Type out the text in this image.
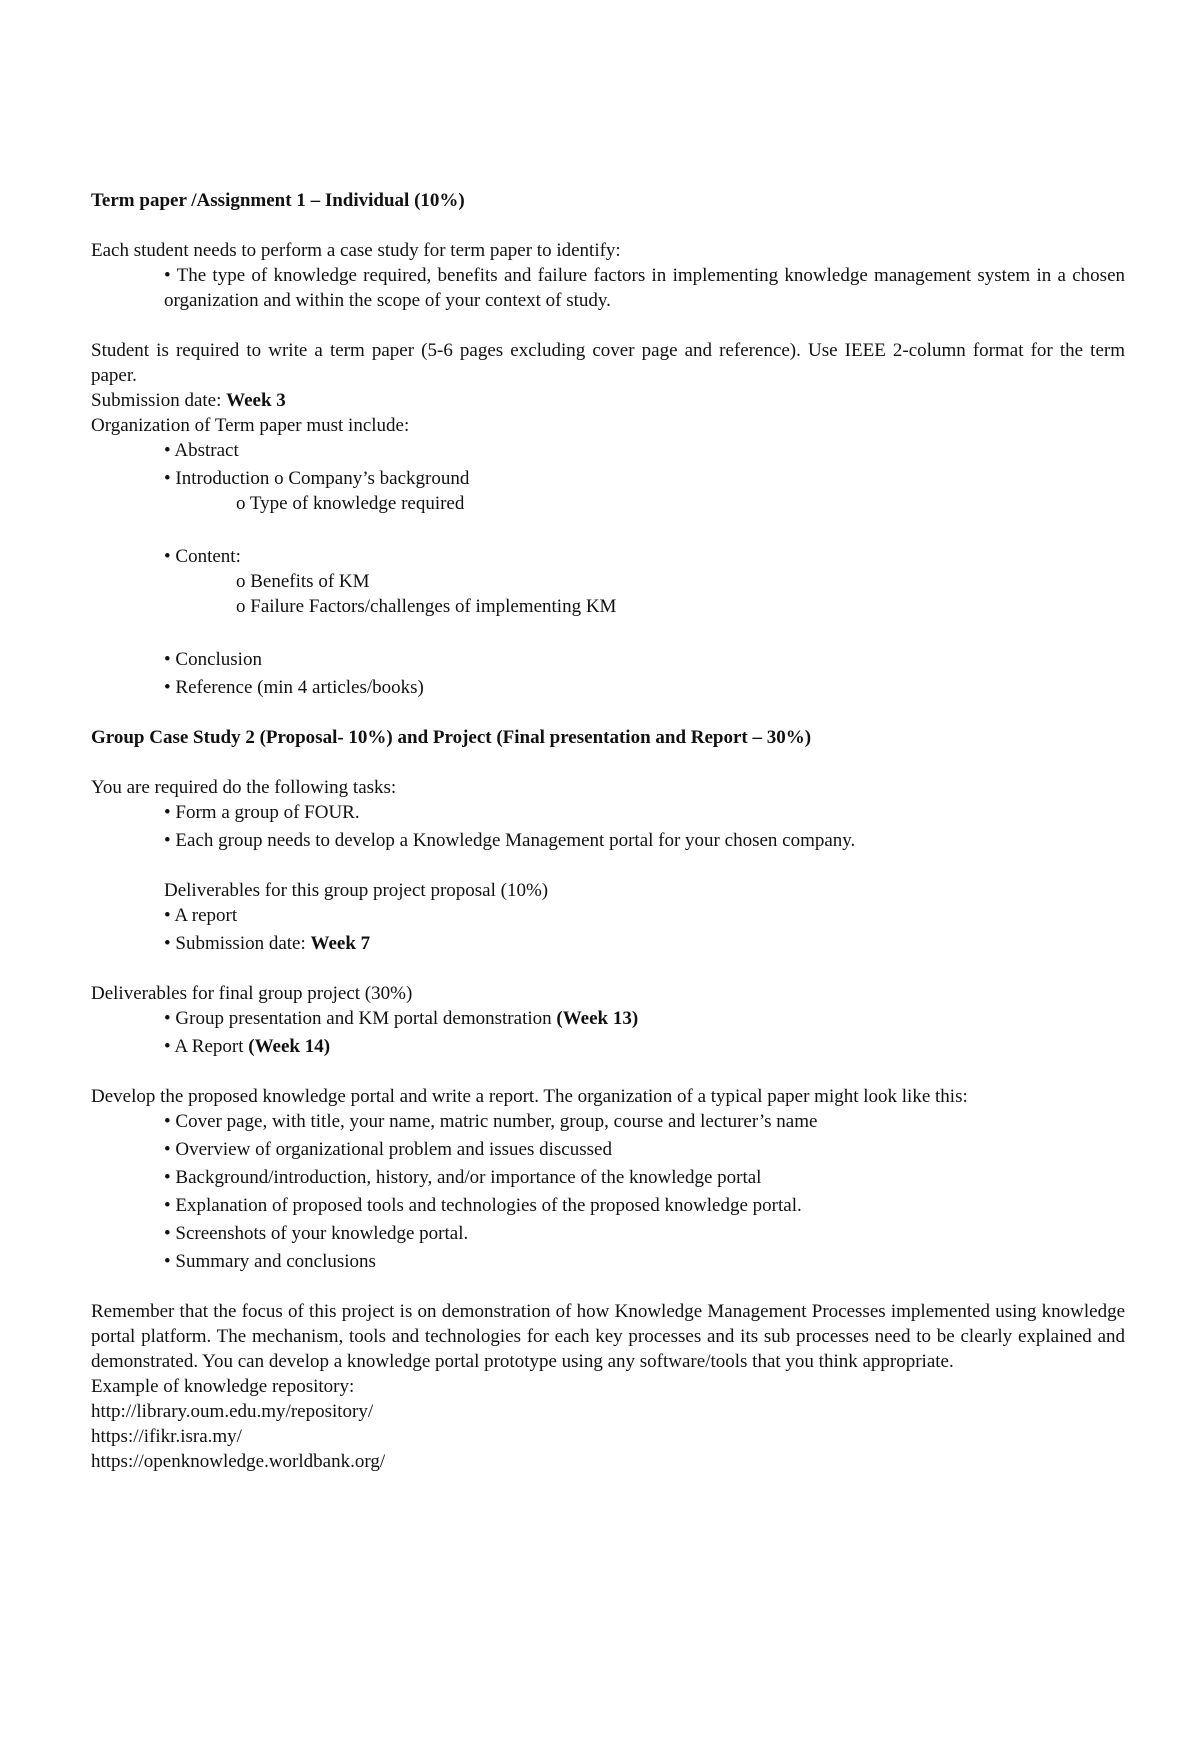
Term paper /Assignment 1 – Individual (10%)

Each student needs to perform a case study for term paper to identify:

• The type of knowledge required, benefits and failure factors in implementing knowledge management system in a chosen organization and within the scope of your context of study.

Student is required to write a term paper (5-6 pages excluding cover page and reference). Use IEEE 2-column format for the term paper.

Submission date: Week 3

Organization of Term paper must include:

• Abstract

• Introduction o Company’s background

o Type of knowledge required

• Content:

o Benefits of KM

o Failure Factors/challenges of implementing KM

• Conclusion

• Reference (min 4 articles/books)

Group Case Study 2 (Proposal- 10%) and Project (Final presentation and Report – 30%)

You are required do the following tasks:

• Form a group of FOUR.

• Each group needs to develop a Knowledge Management portal for your chosen company.

Deliverables for this group project proposal (10%)

• A report

• Submission date: Week 7

Deliverables for final group project (30%)

• Group presentation and KM portal demonstration (Week 13)

• A Report (Week 14)

Develop the proposed knowledge portal and write a report. The organization of a typical paper might look like this:

• Cover page, with title, your name, matric number, group, course and lecturer’s name

• Overview of organizational problem and issues discussed

• Background/introduction, history, and/or importance of the knowledge portal

• Explanation of proposed tools and technologies of the proposed knowledge portal.

• Screenshots of your knowledge portal.

• Summary and conclusions

Remember that the focus of this project is on demonstration of how Knowledge Management Processes implemented using knowledge portal platform. The mechanism, tools and technologies for each key processes and its sub processes need to be clearly explained and demonstrated. You can develop a knowledge portal prototype using any software/tools that you think appropriate.

Example of knowledge repository:

http://library.oum.edu.my/repository/

https://ifikr.isra.my/

https://openknowledge.worldbank.org/
